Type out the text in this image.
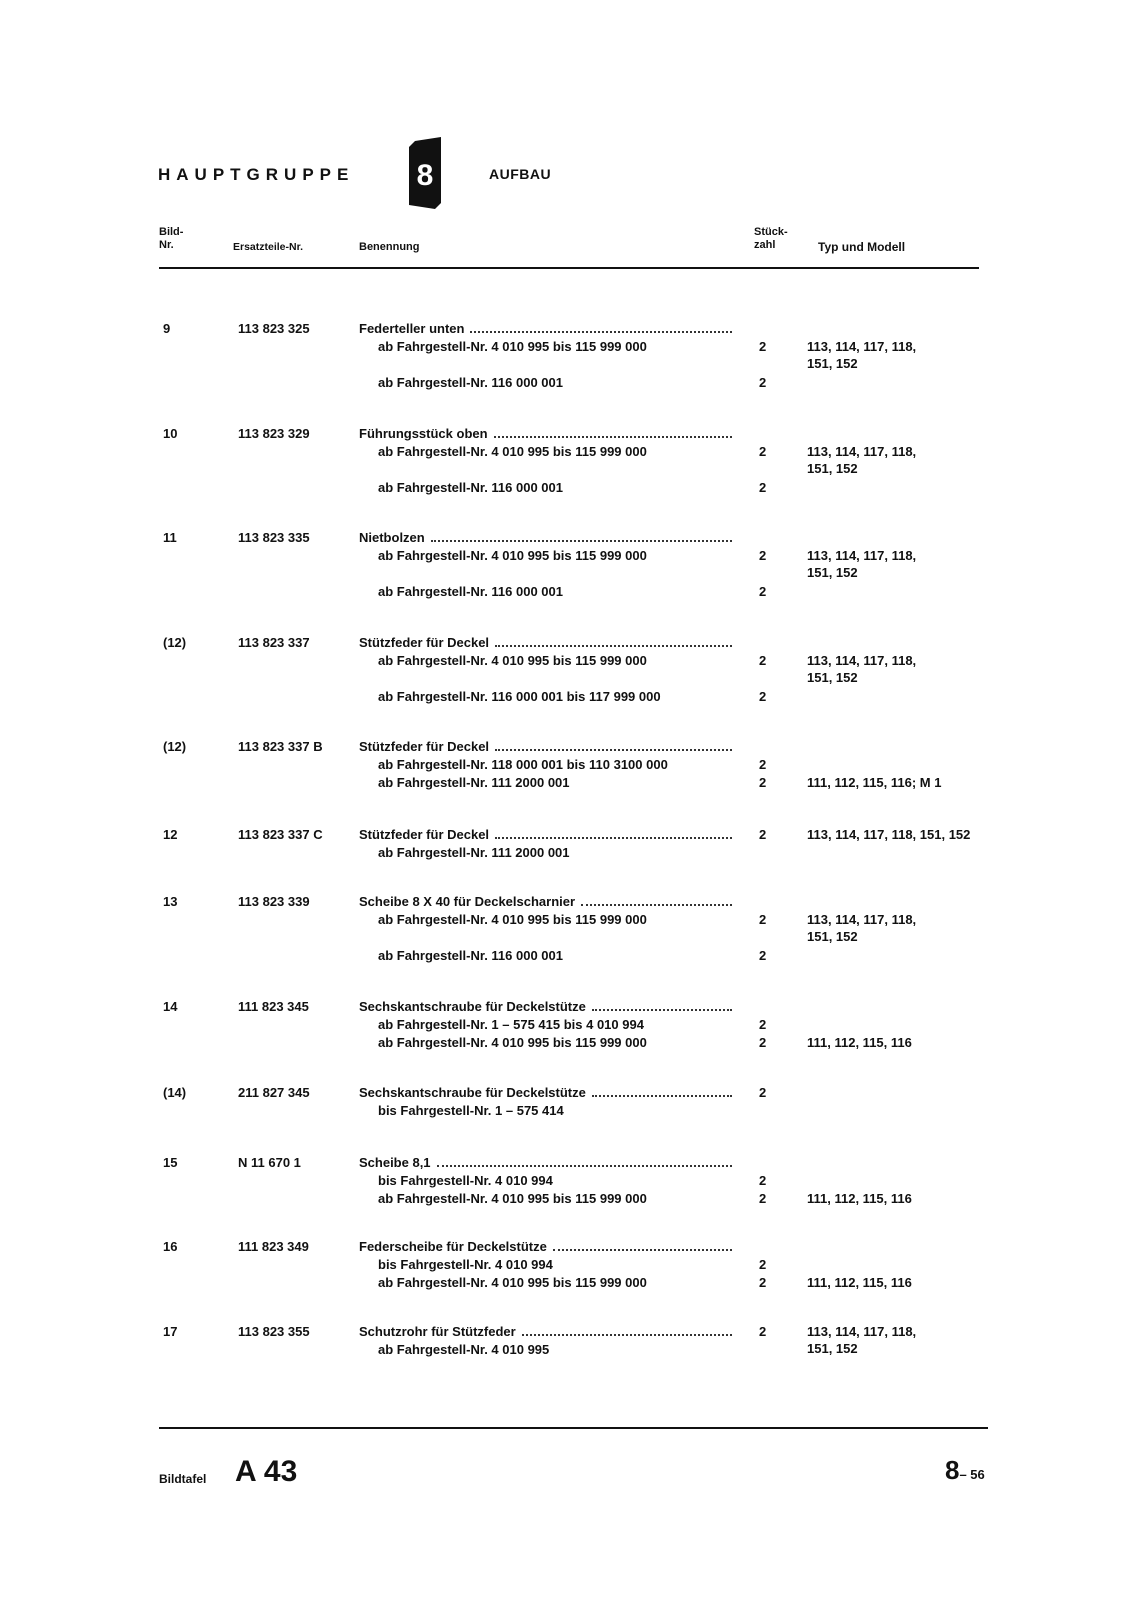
HAUPTGRUPPE 8	AUFBAU
Bild-
Nr.	Ersatzteile-Nr.	Benennung
Stück-
zahl	Typ und Modell
9	113 823 325	Federteller unten
ab Fahrgestell-Nr. 4 010 995 bis 115 999 000	2	113, 114, 117, 118,
151, 152
ab Fahrgestell-Nr. 116 000 001	2
10	113 823 329	Führungsstück oben
ab Fahrgestell-Nr. 4 010 995 bis 115 999 000	2	113, 114, 117, 118,
151, 152
ab Fahrgestell-Nr. 116 000 001	2
11	113 823 335	Nietbolzen
ab Fahrgestell-Nr. 4 010 995 bis 115 999 000	2	113, 114, 117, 118,
151, 152
ab Fahrgestell-Nr. 116 000 001	2
(12)	113 823 337	Stützfeder für Deckel
ab Fahrgestell-Nr. 4 010 995 bis 115 999 000	2	113, 114, 117, 118,
151, 152
ab Fahrgestell-Nr. 116 000 001 bis 117 999 000	2
(12)	113 823 337 B	Stützfeder für Deckel
ab Fahrgestell-Nr. 118 000 001 bis 110 3100 000	2
ab Fahrgestell-Nr. 111 2000 001	2	111, 112, 115, 116; M 1
12	113 823 337 C	Stützfeder für Deckel	2	113, 114, 117, 118, 151, 152
ab Fahrgestell-Nr. 111 2000 001
13	113 823 339	Scheibe 8 X 40 für Deckelscharnier
ab Fahrgestell-Nr. 4 010 995 bis 115 999 000	2	113, 114, 117, 118,
151, 152
ab Fahrgestell-Nr. 116 000 001	2
14	111 823 345	Sechskantschraube für Deckelstütze
ab Fahrgestell-Nr. 1 – 575 415 bis 4 010 994	2
ab Fahrgestell-Nr. 4 010 995 bis 115 999 000	2	111, 112, 115, 116
(14)	211 827 345	Sechskantschraube für Deckelstütze	2
bis Fahrgestell-Nr. 1 – 575 414
15	N 11 670 1	Scheibe 8,1
bis Fahrgestell-Nr. 4 010 994	2
ab Fahrgestell-Nr. 4 010 995 bis 115 999 000	2	111, 112, 115, 116
16	111 823 349	Federscheibe für Deckelstütze
bis Fahrgestell-Nr. 4 010 994	2
ab Fahrgestell-Nr. 4 010 995 bis 115 999 000	2	111, 112, 115, 116
17	113 823 355	Schutzrohr für Stützfeder	2	113, 114, 117, 118,
151, 152
ab Fahrgestell-Nr. 4 010 995
Bildtafel A 43	8– 56
